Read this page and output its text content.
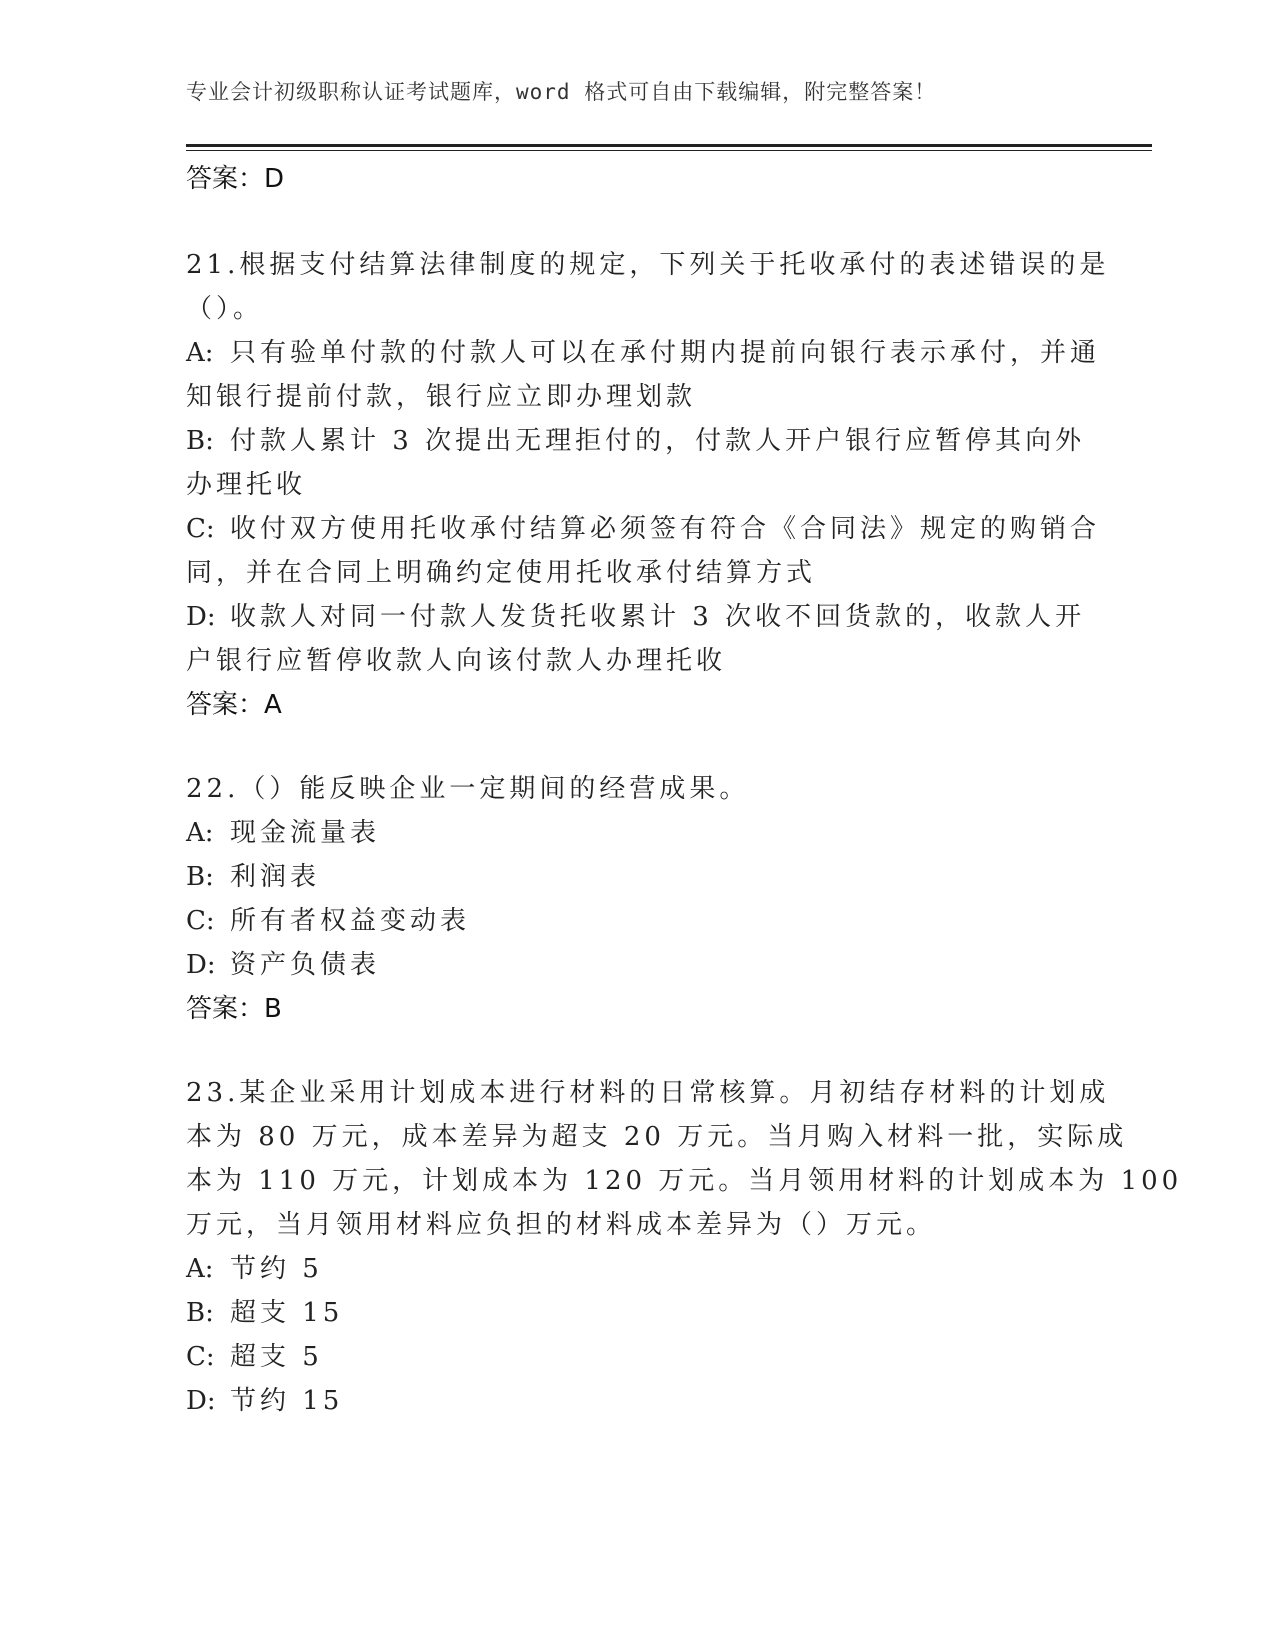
专业会计初级职称认证考试题库，word 格式可自由下载编辑，附完整答案！
答案：D
21.根据支付结算法律制度的规定，下列关于托收承付的表述错误的是
（）。
A: 只有验单付款的付款人可以在承付期内提前向银行表示承付，并通
知银行提前付款，银行应立即办理划款
B: 付款人累计 3 次提出无理拒付的，付款人开户银行应暂停其向外
办理托收
C: 收付双方使用托收承付结算必须签有符合《合同法》规定的购销合
同，并在合同上明确约定使用托收承付结算方式
D: 收款人对同一付款人发货托收累计 3 次收不回货款的，收款人开
户银行应暂停收款人向该付款人办理托收
答案：A
22.（）能反映企业一定期间的经营成果。
A: 现金流量表
B: 利润表
C: 所有者权益变动表
D: 资产负债表
答案：B
23.某企业采用计划成本进行材料的日常核算。月初结存材料的计划成
本为 80 万元，成本差异为超支 20 万元。当月购入材料一批，实际成
本为 110 万元，计划成本为 120 万元。当月领用材料的计划成本为 100
万元，当月领用材料应负担的材料成本差异为（）万元。
A: 节约 5
B: 超支 15
C: 超支 5
D: 节约 15
